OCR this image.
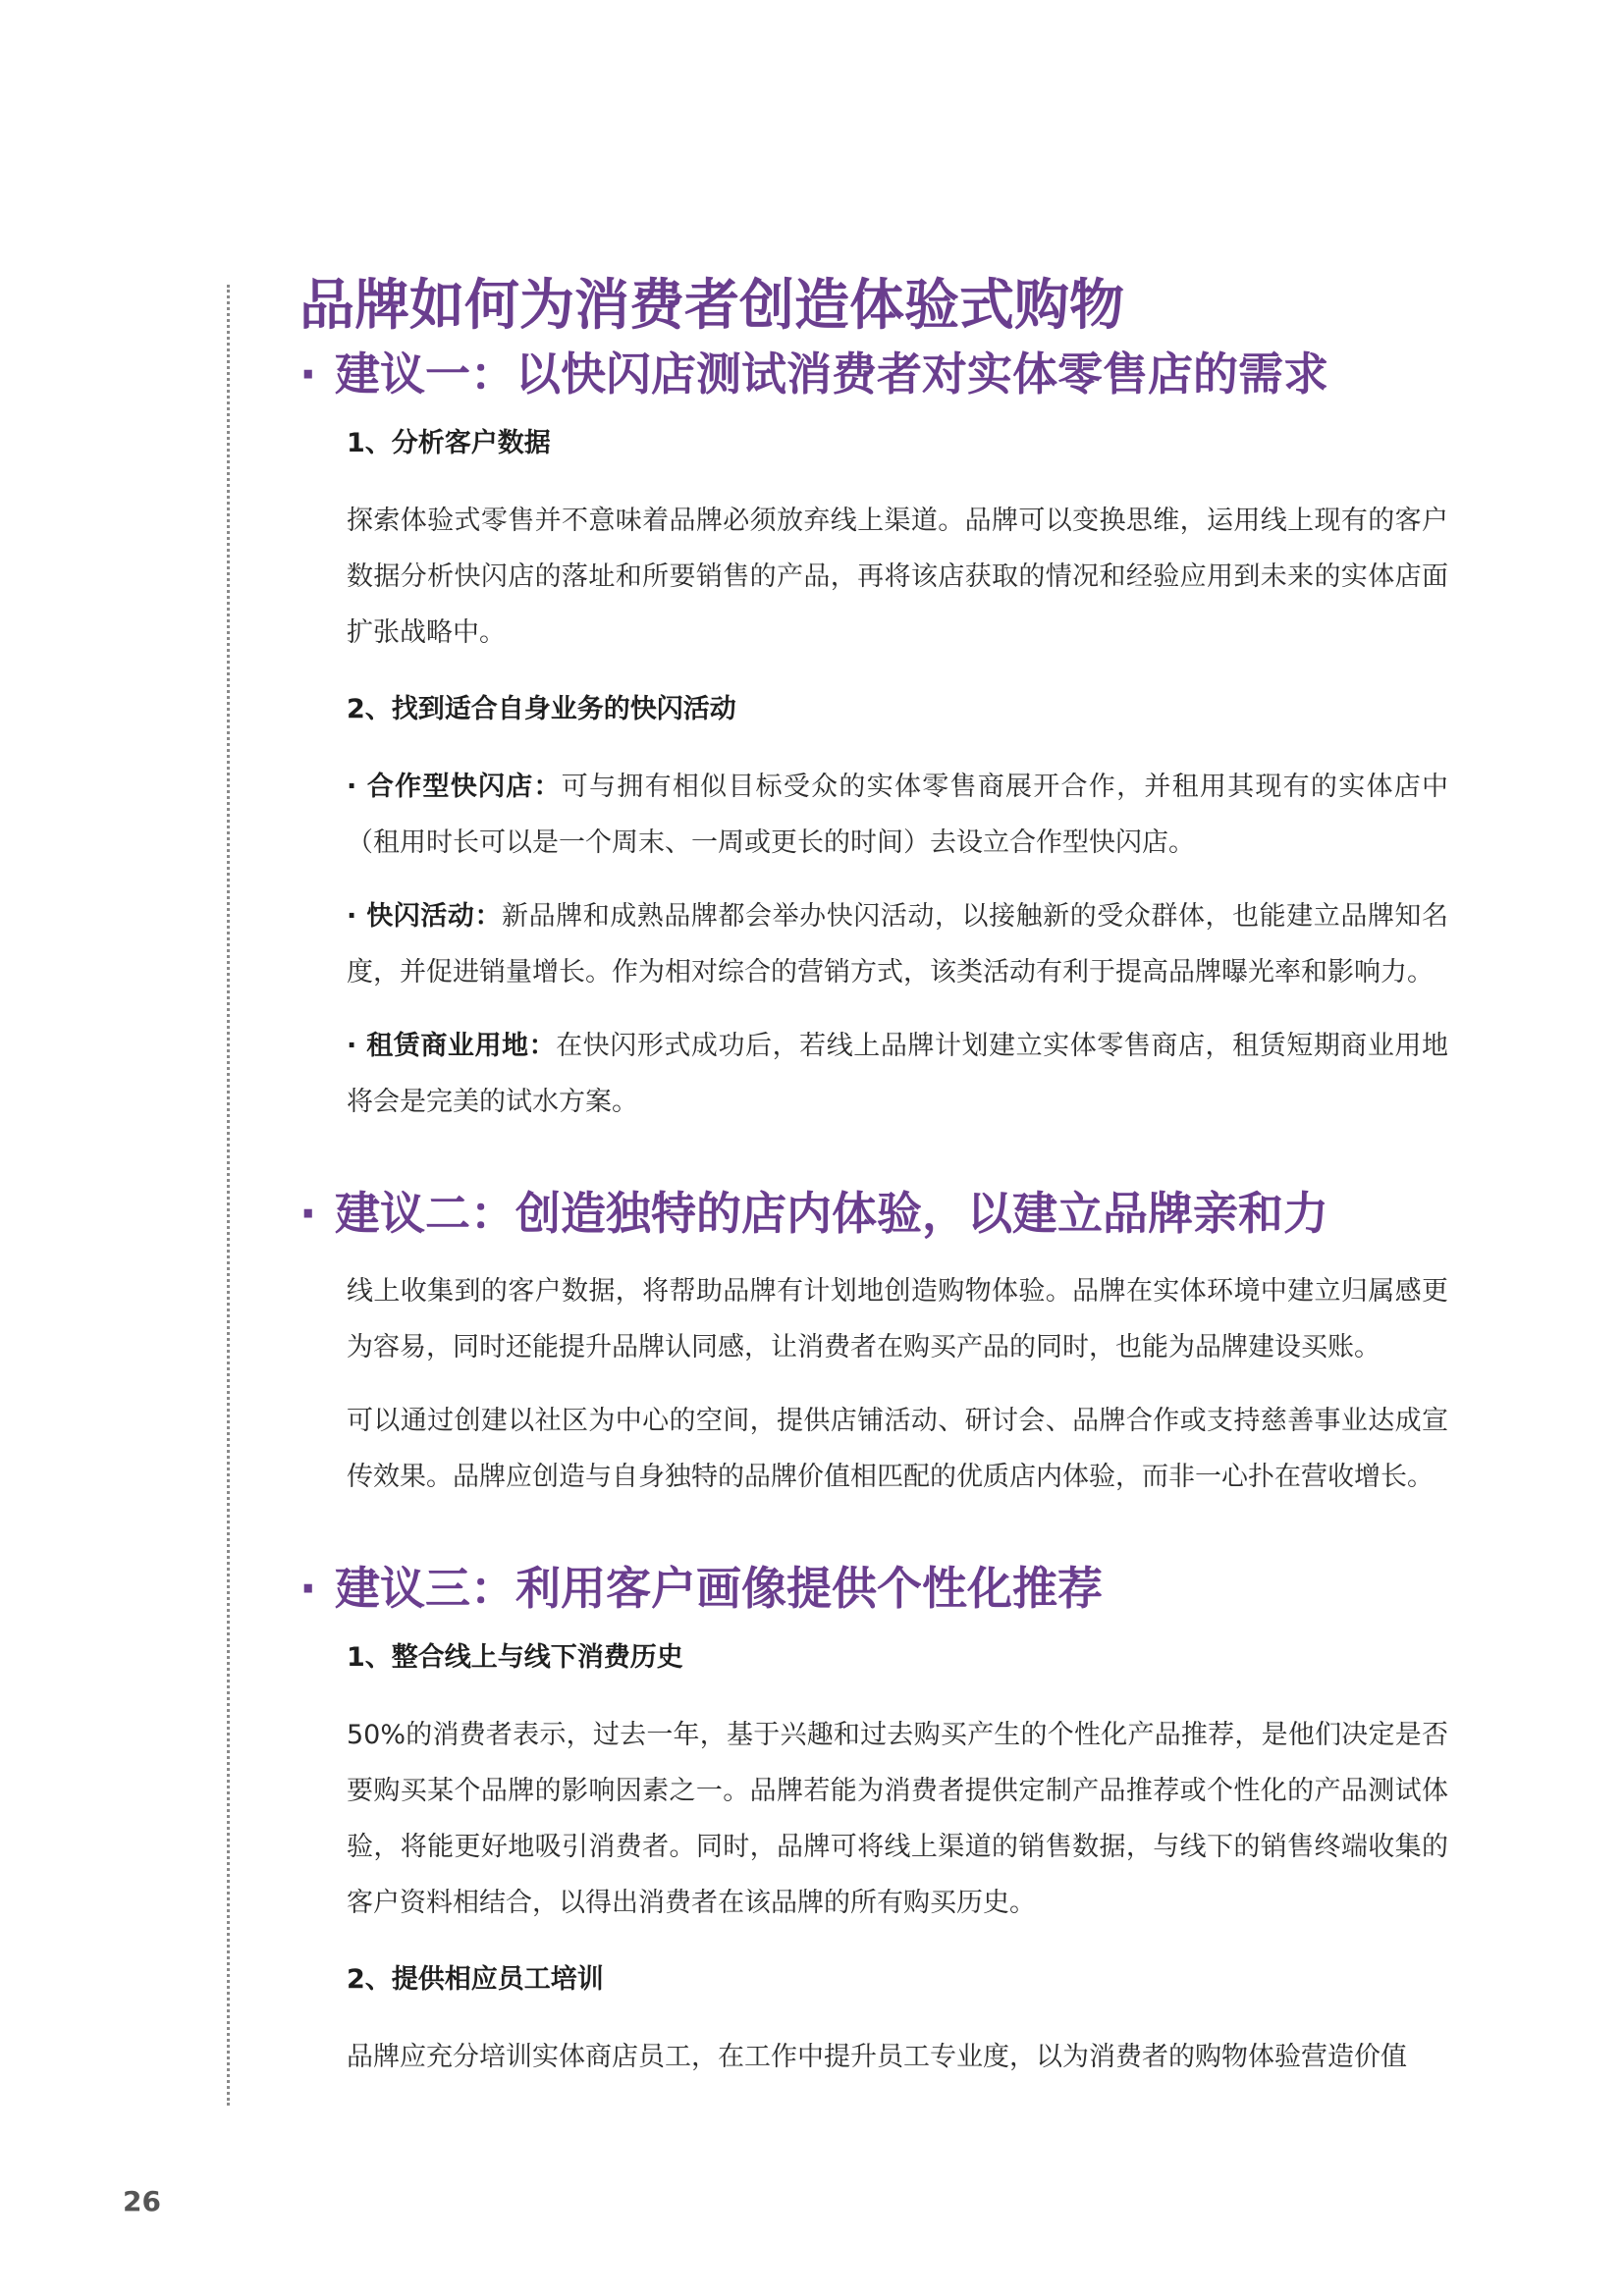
品牌如何为消费者创造体验式购物
· 建议一：以快闪店测试消费者对实体零售店的需求

1、分析客户数据

探索体验式零售并不意味着品牌必须放弃线上渠道。品牌可以变换思维，运用线上现有的客户数据分析快闪店的落址和所要销售的产品，再将该店获取的情况和经验应用到未来的实体店面扩张战略中。

2、找到适合自身业务的快闪活动

· 合作型快闪店：可与拥有相似目标受众的实体零售商展开合作，并租用其现有的实体店中（租用时长可以是一个周末、一周或更长的时间）去设立合作型快闪店。

· 快闪活动：新品牌和成熟品牌都会举办快闪活动，以接触新的受众群体，也能建立品牌知名度，并促进销量增长。作为相对综合的营销方式，该类活动有利于提高品牌曝光率和影响力。

· 租赁商业用地：在快闪形式成功后，若线上品牌计划建立实体零售商店，租赁短期商业用地将会是完美的试水方案。

· 建议二：创造独特的店内体验，以建立品牌亲和力

线上收集到的客户数据，将帮助品牌有计划地创造购物体验。品牌在实体环境中建立归属感更为容易，同时还能提升品牌认同感，让消费者在购买产品的同时，也能为品牌建设买账。

可以通过创建以社区为中心的空间，提供店铺活动、研讨会、品牌合作或支持慈善事业达成宣传效果。品牌应创造与自身独特的品牌价值相匹配的优质店内体验，而非一心扑在营收增长。

· 建议三：利用客户画像提供个性化推荐

1、整合线上与线下消费历史

50%的消费者表示，过去一年，基于兴趣和过去购买产生的个性化产品推荐，是他们决定是否要购买某个品牌的影响因素之一。品牌若能为消费者提供定制产品推荐或个性化的产品测试体验，将能更好地吸引消费者。同时，品牌可将线上渠道的销售数据，与线下的销售终端收集的客户资料相结合，以得出消费者在该品牌的所有购买历史。

2、提供相应员工培训

品牌应充分培训实体商店员工，在工作中提升员工专业度，以为消费者的购物体验营造价值

26
